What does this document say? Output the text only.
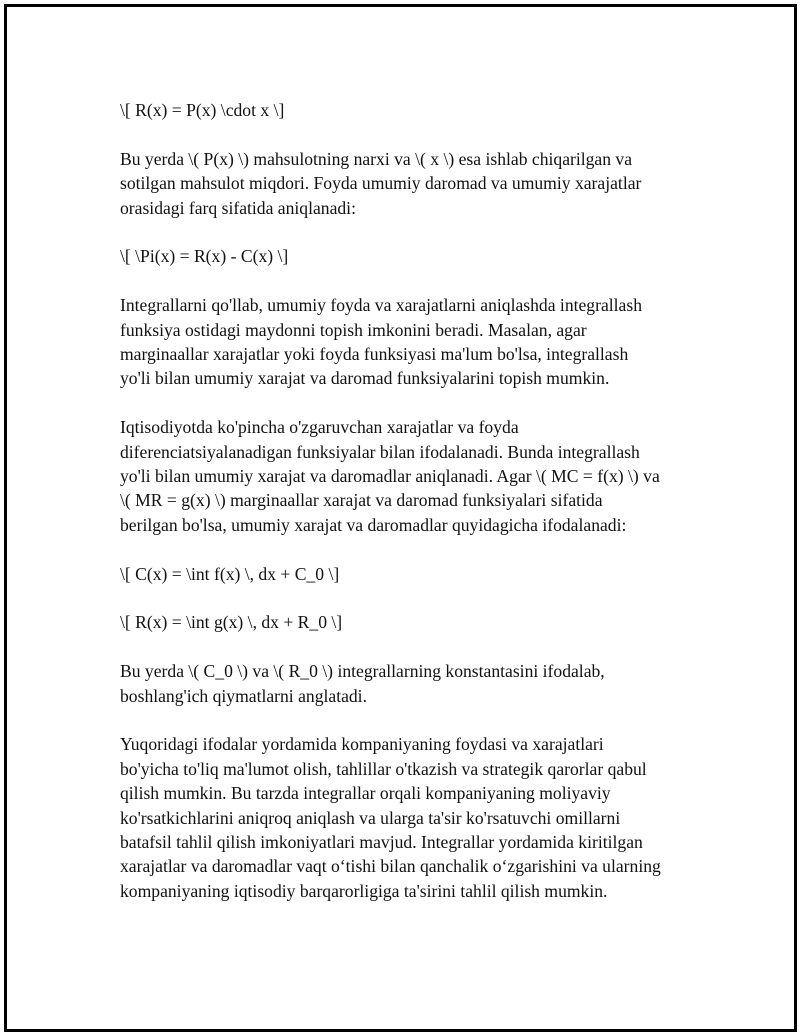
\[ R(x) = P(x) \cdot x \]
Bu yerda \( P(x) \) mahsulotning narxi va \( x \) esa ishlab chiqarilgan va
sotilgan mahsulot miqdori. Foyda umumiy daromad va umumiy xarajatlar
orasidagi farq sifatida aniqlanadi:
\[ \Pi(x) = R(x) - C(x) \]
Integrallarni qo'llab, umumiy foyda va xarajatlarni aniqlashda integrallash
funksiya ostidagi maydonni topish imkonini beradi. Masalan, agar
marginaallar xarajatlar yoki foyda funksiyasi ma'lum bo'lsa, integrallash
yo'li bilan umumiy xarajat va daromad funksiyalarini topish mumkin.
Iqtisodiyotda ko'pincha o'zgaruvchan xarajatlar va foyda
diferenciatsiyalanadigan funksiyalar bilan ifodalanadi. Bunda integrallash
yo'li bilan umumiy xarajat va daromadlar aniqlanadi. Agar \( MC = f(x) \) va
\( MR = g(x) \) marginaallar xarajat va daromad funksiyalari sifatida
berilgan bo'lsa, umumiy xarajat va daromadlar quyidagicha ifodalanadi:
\[ C(x) = \int f(x) \, dx + C_0 \]
\[ R(x) = \int g(x) \, dx + R_0 \]
Bu yerda \( C_0 \) va \( R_0 \) integrallarning konstantasini ifodalab,
boshlang'ich qiymatlarni anglatadi.
Yuqoridagi ifodalar yordamida kompaniyaning foydasi va xarajatlari
bo'yicha to'liq ma'lumot olish, tahlillar o'tkazish va strategik qarorlar qabul
qilish mumkin. Bu tarzda integrallar orqali kompaniyaning moliyaviy
ko'rsatkichlarini aniqroq aniqlash va ularga ta'sir ko'rsatuvchi omillarni
batafsil tahlil qilish imkoniyatlari mavjud. Integrallar yordamida kiritilgan
xarajatlar va daromadlar vaqt o‘tishi bilan qanchalik o‘zgarishini va ularning
kompaniyaning iqtisodiy barqarorligiga ta'sirini tahlil qilish mumkin.
